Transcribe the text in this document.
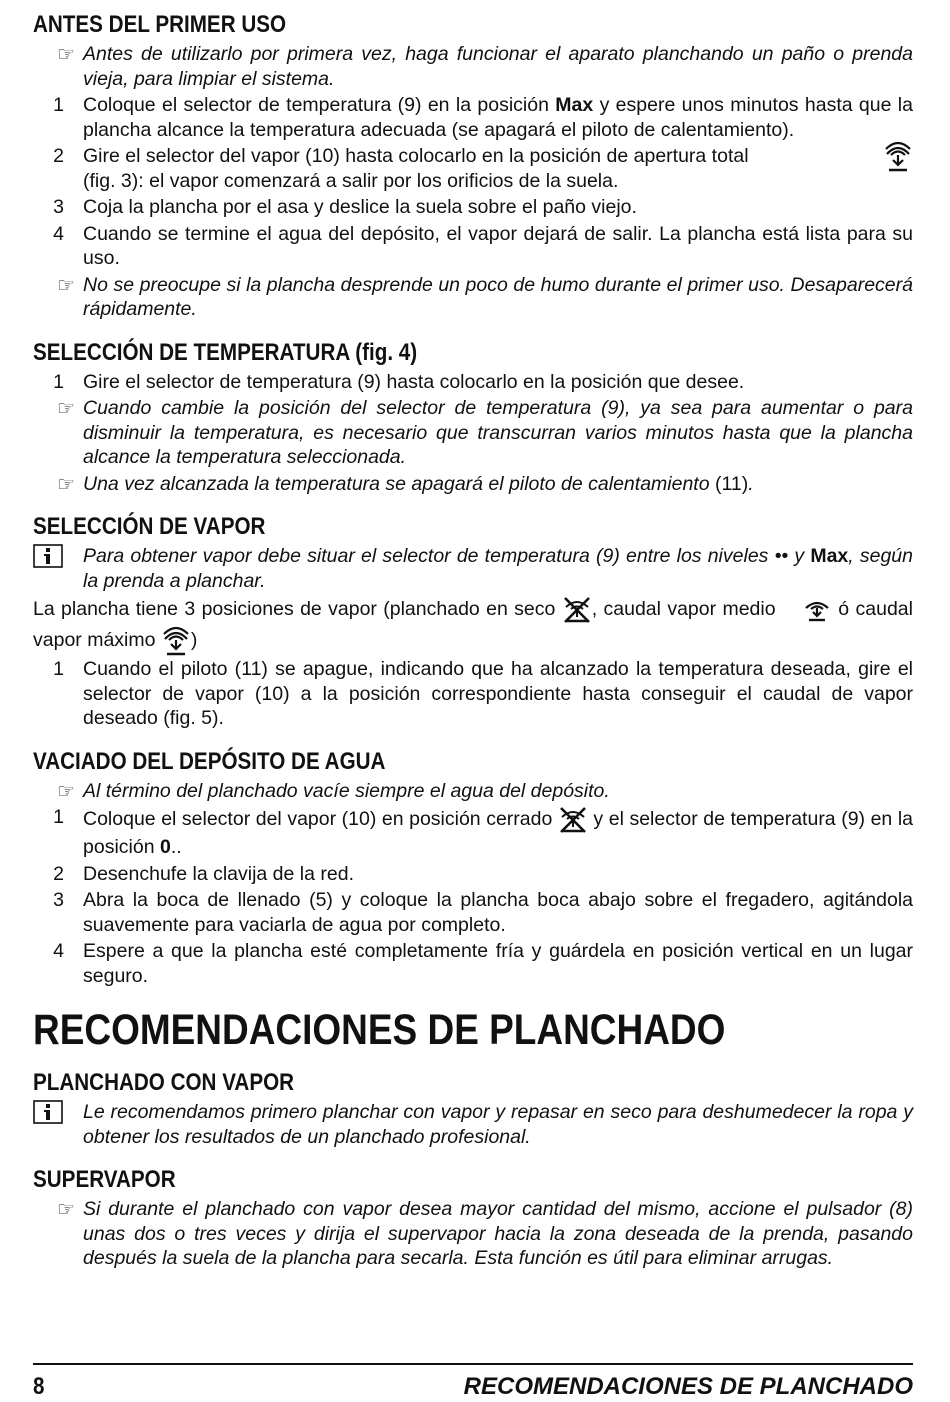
ANTES DEL PRIMER USO
☞ Antes de utilizarlo por primera vez, haga funcionar el aparato planchando un paño o prenda vieja, para limpiar el sistema.
1 Coloque el selector de temperatura (9) en la posición Max y espere unos minutos hasta que la plancha alcance la temperatura adecuada (se apagará el piloto de calentamiento).
2 Gire el selector del vapor (10) hasta colocarlo en la posición de apertura total

(fig. 3): el vapor comenzará a salir por los orificios de la suela.
3 Coja la plancha por el asa y deslice la suela sobre el paño viejo.
4 Cuando se termine el agua del depósito, el vapor dejará de salir. La plancha está lista para su uso.
☞ No se preocupe si la plancha desprende un poco de humo durante el primer uso. Desaparecerá rápidamente.
SELECCIÓN DE TEMPERATURA (fig. 4)
1 Gire el selector de temperatura (9) hasta colocarlo en la posición que desee.
☞ Cuando cambie la posición del selector de temperatura (9), ya sea para aumentar o para disminuir la temperatura, es necesario que transcurran varios minutos hasta que la plancha alcance la temperatura seleccionada.
☞ Una vez alcanzada la temperatura se apagará el piloto de calentamiento (11).
SELECCIÓN DE VAPOR
Para obtener vapor debe situar el selector de temperatura (9) entre los niveles •• y Max, según la prenda a planchar.
La plancha tiene 3 posiciones de vapor (planchado en seco , caudal vapor medio	ó caudal vapor máximo )
1 Cuando el piloto (11) se apague, indicando que ha alcanzado la temperatura deseada, gire el selector de vapor (10) a la posición correspondiente hasta conseguir el caudal de vapor deseado (fig. 5).
VACIADO DEL DEPÓSITO DE AGUA
☞ Al término del planchado vacíe siempre el agua del depósito.
1 Coloque el selector del vapor (10) en posición cerrado  y el selector de temperatura (9) en la posición 0..
2 Desenchufe la clavija de la red.
3 Abra la boca de llenado (5) y coloque la plancha boca abajo sobre el fregadero, agitándola suavemente para vaciarla de agua por completo.
4 Espere a que la plancha esté completamente fría y guárdela en posición vertical en un lugar seguro.
RECOMENDACIONES DE PLANCHADO
PLANCHADO CON VAPOR
Le recomendamos primero planchar con vapor y repasar en seco para deshumedecer la ropa y obtener los resultados de un planchado profesional.
SUPERVAPOR
☞ Si durante el planchado con vapor desea mayor cantidad del mismo, accione el pulsador (8) unas dos o tres veces y dirija el supervapor hacia la zona deseada de la prenda, pasando después la suela de la plancha para secarla. Esta función es útil para eliminar arrugas.
8	RECOMENDACIONES DE PLANCHADO
